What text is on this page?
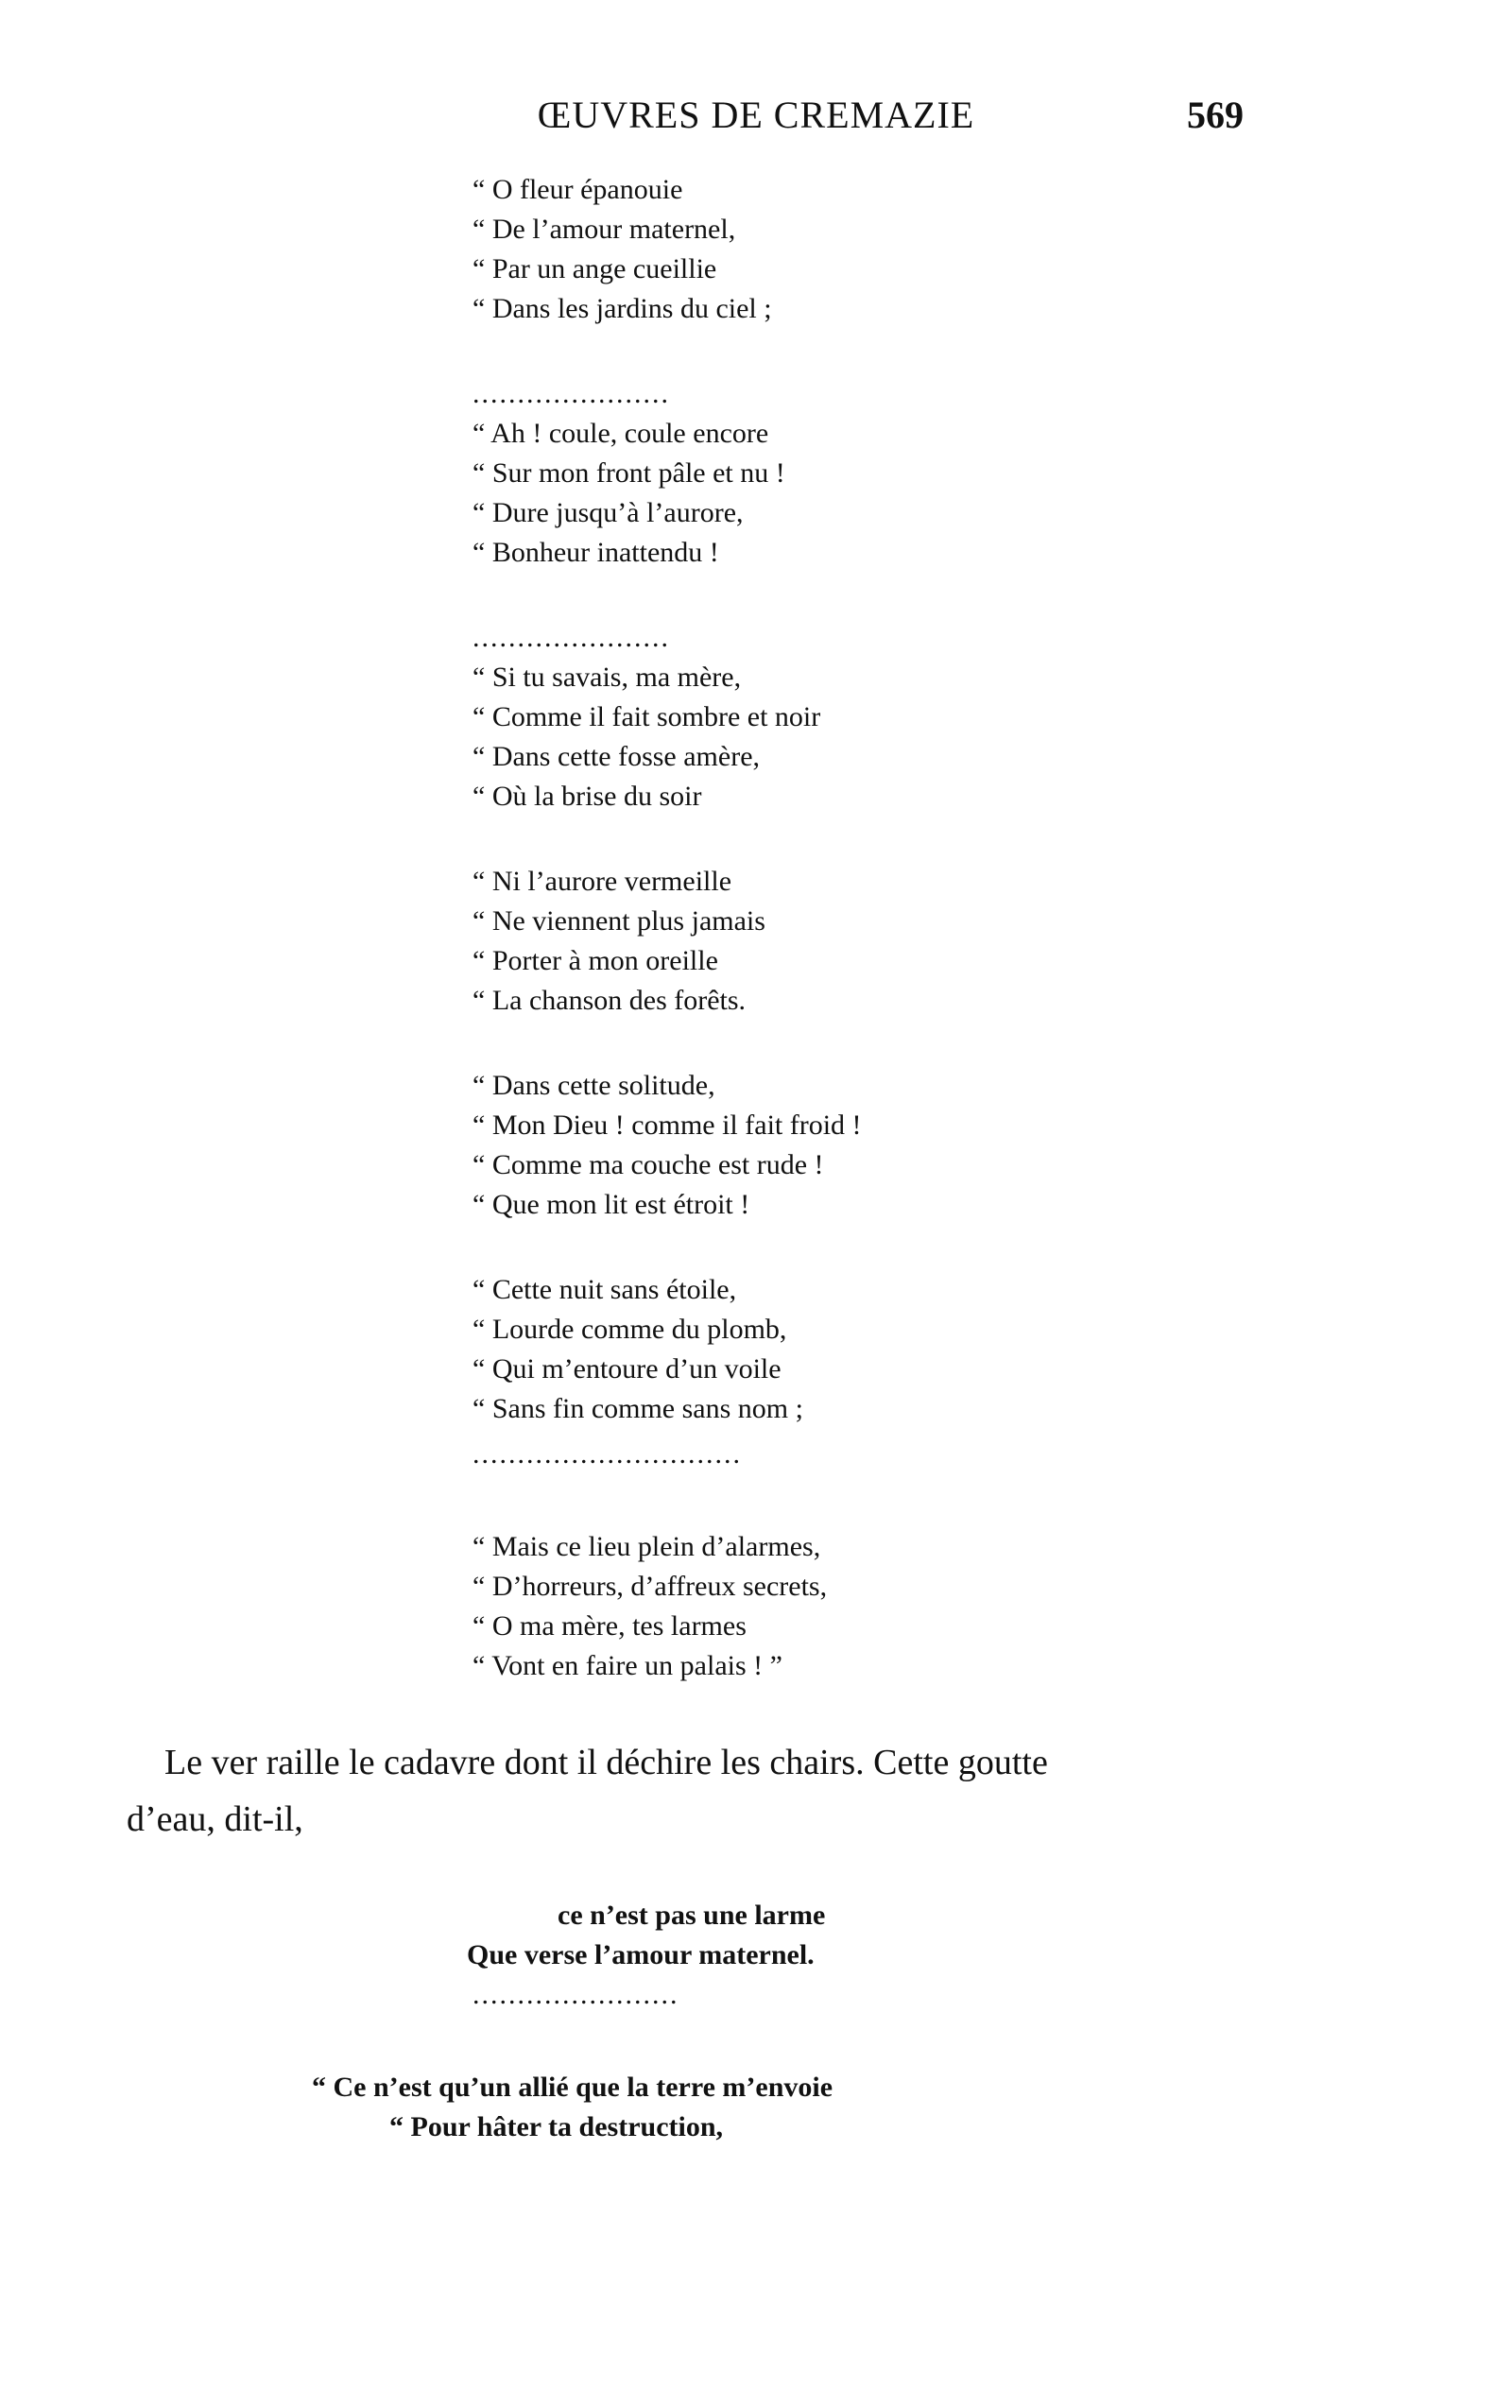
ŒUVRES DE CREMAZIE	569
“ O fleur épanouie
“ De l’amour maternel,
“ Par un ange cueillie
“ Dans les jardins du ciel ;
......................
“ Ah ! coule, coule encore
“ Sur mon front pâle et nu !
“ Dure jusqu’à l’aurore,
“ Bonheur inattendu !
......................
“ Si tu savais, ma mère,
“ Comme il fait sombre et noir
“ Dans cette fosse amère,
“ Où la brise du soir
“ Ni l’aurore vermeille
“ Ne viennent plus jamais
“ Porter à mon oreille
“ La chanson des forêts.
“ Dans cette solitude,
“ Mon Dieu ! comme il fait froid !
“ Comme ma couche est rude !
“ Que mon lit est étroit !
“ Cette nuit sans étoile,
“ Lourde comme du plomb,
“ Qui m’entoure d’un voile
“ Sans fin comme sans nom ;
..............................
“ Mais ce lieu plein d’alarmes,
“ D’horreurs, d’affreux secrets,
“ O ma mère, tes larmes
“ Vont en faire un palais ! ”
Le ver raille le cadavre dont il déchire les chairs. Cette goutte
d’eau, dit-il,
ce n’est pas une larme
Que verse l’amour maternel.
.......................
“ Ce n’est qu’un allié que la terre m’envoie
“ Pour hâter ta destruction,
